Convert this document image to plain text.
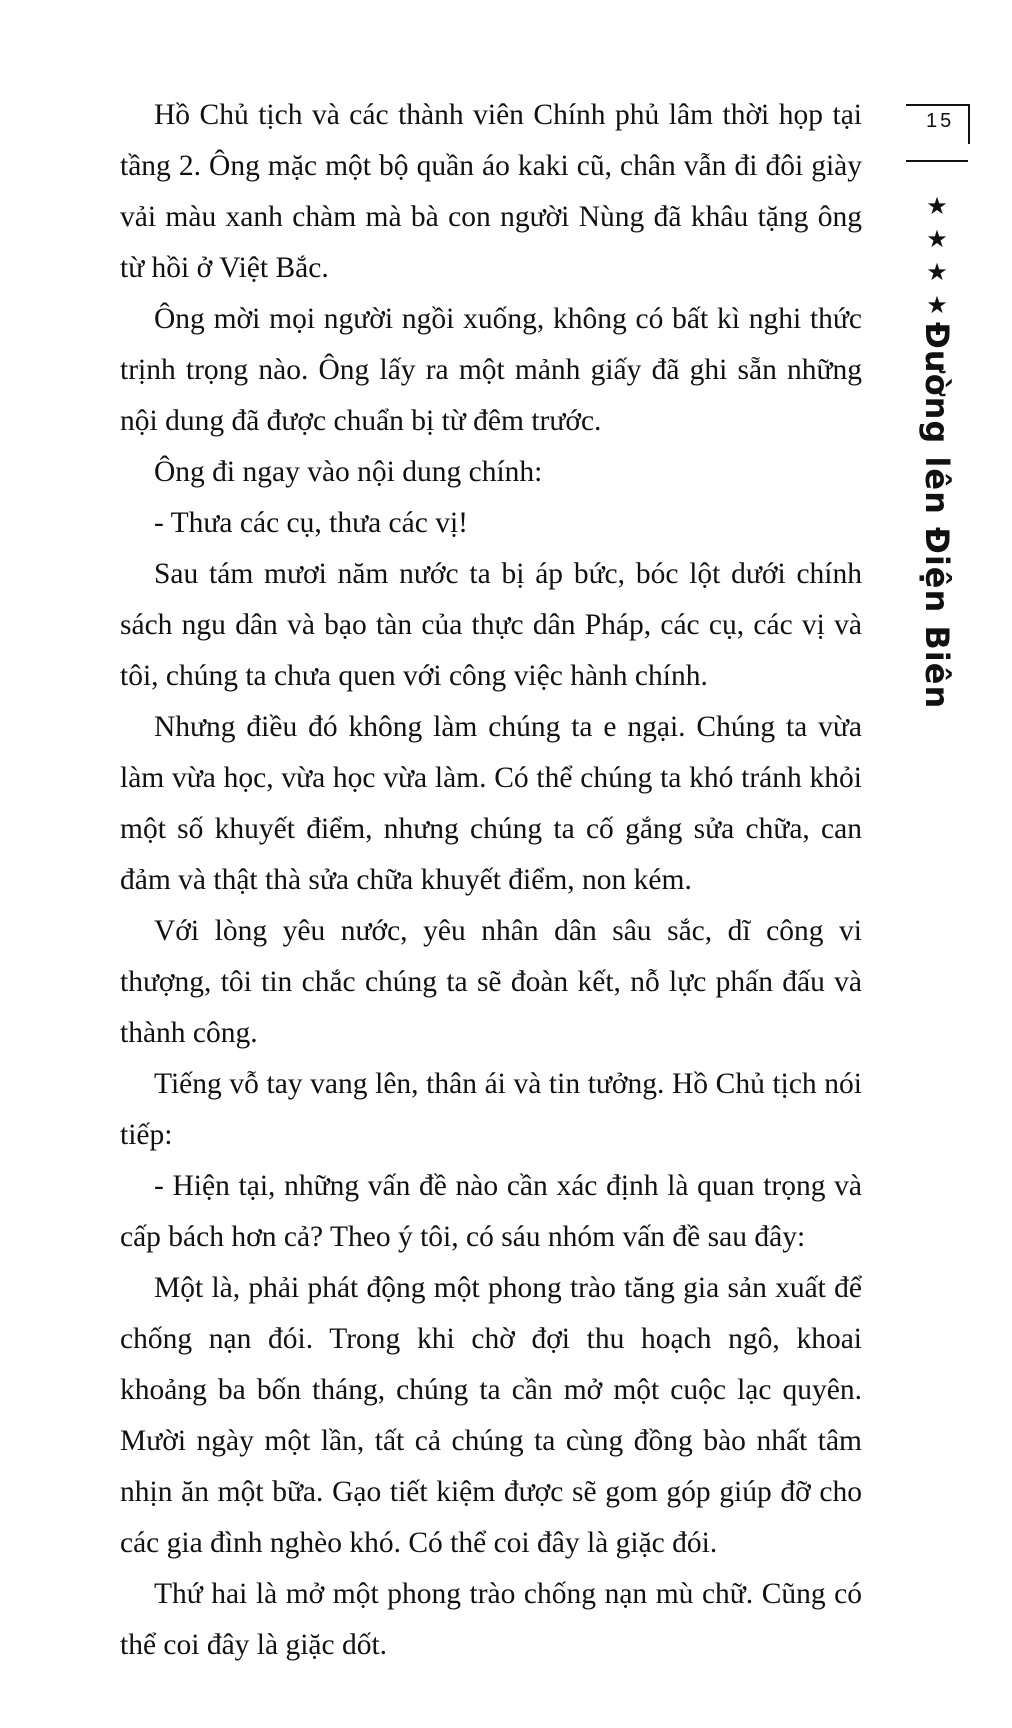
Hồ Chủ tịch và các thành viên Chính phủ lâm thời họp tại tầng 2. Ông mặc một bộ quần áo kaki cũ, chân vẫn đi đôi giày vải màu xanh chàm mà bà con người Nùng đã khâu tặng ông từ hồi ở Việt Bắc.

Ông mời mọi người ngồi xuống, không có bất kì nghi thức trịnh trọng nào. Ông lấy ra một mảnh giấy đã ghi sẵn những nội dung đã được chuẩn bị từ đêm trước.

Ông đi ngay vào nội dung chính:

- Thưa các cụ, thưa các vị!

Sau tám mươi năm nước ta bị áp bức, bóc lột dưới chính sách ngu dân và bạo tàn của thực dân Pháp, các cụ, các vị và tôi, chúng ta chưa quen với công việc hành chính.

Nhưng điều đó không làm chúng ta e ngại. Chúng ta vừa làm vừa học, vừa học vừa làm. Có thể chúng ta khó tránh khỏi một số khuyết điểm, nhưng chúng ta cố gắng sửa chữa, can đảm và thật thà sửa chữa khuyết điểm, non kém.

Với lòng yêu nước, yêu nhân dân sâu sắc, dĩ công vi thượng, tôi tin chắc chúng ta sẽ đoàn kết, nỗ lực phấn đấu và thành công.

Tiếng vỗ tay vang lên, thân ái và tin tưởng. Hồ Chủ tịch nói tiếp:

- Hiện tại, những vấn đề nào cần xác định là quan trọng và cấp bách hơn cả? Theo ý tôi, có sáu nhóm vấn đề sau đây:

Một là, phải phát động một phong trào tăng gia sản xuất để chống nạn đói. Trong khi chờ đợi thu hoạch ngô, khoai khoảng ba bốn tháng, chúng ta cần mở một cuộc lạc quyên. Mười ngày một lần, tất cả chúng ta cùng đồng bào nhất tâm nhịn ăn một bữa. Gạo tiết kiệm được sẽ gom góp giúp đỡ cho các gia đình nghèo khó. Có thể coi đây là giặc đói.

Thứ hai là mở một phong trào chống nạn mù chữ. Cũng có thể coi đây là giặc dốt.

15
★
★
★
★
Đường lên Điện Biên
